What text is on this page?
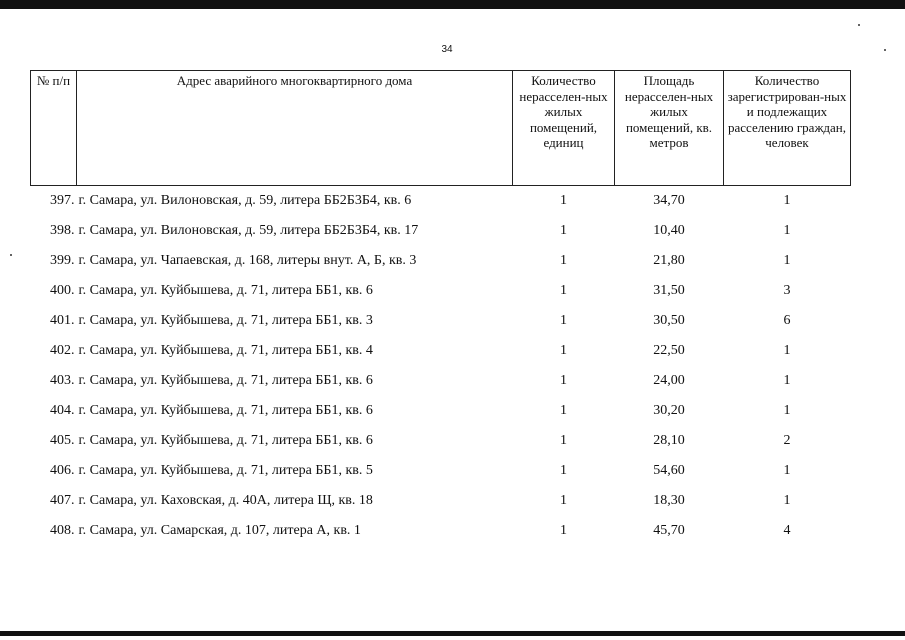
34
№ п/п	Адрес аварийного многоквартирного дома	Количество нерасселен-ных жилых помещений, единиц	Площадь нерасселен-ных жилых помещений, кв. метров	Количество зарегистрирован-ных и подлежащих расселению граждан, человек
397.	г. Самара, ул. Вилоновская, д. 59, литера ББ2Б3Б4, кв. 6	1	34,70	1
398.	г. Самара, ул. Вилоновская, д. 59, литера ББ2Б3Б4, кв. 17	1	10,40	1
399.	г. Самара, ул. Чапаевская, д. 168, литеры внут. А, Б, кв. 3	1	21,80	1
400.	г. Самара, ул. Куйбышева, д. 71, литера ББ1, кв. 6	1	31,50	3
401.	г. Самара, ул. Куйбышева, д. 71, литера ББ1, кв. 3	1	30,50	6
402.	г. Самара, ул. Куйбышева, д. 71, литера ББ1, кв. 4	1	22,50	1
403.	г. Самара, ул. Куйбышева, д. 71, литера ББ1, кв. 6	1	24,00	1
404.	г. Самара, ул. Куйбышева, д. 71, литера ББ1, кв. 6	1	30,20	1
405.	г. Самара, ул. Куйбышева, д. 71, литера ББ1, кв. 6	1	28,10	2
406.	г. Самара, ул. Куйбышева, д. 71, литера ББ1, кв. 5	1	54,60	1
407.	г. Самара, ул. Каховская, д. 40А, литера Щ, кв. 18	1	18,30	1
408.	г. Самара, ул. Самарская, д. 107, литера А, кв. 1	1	45,70	4
